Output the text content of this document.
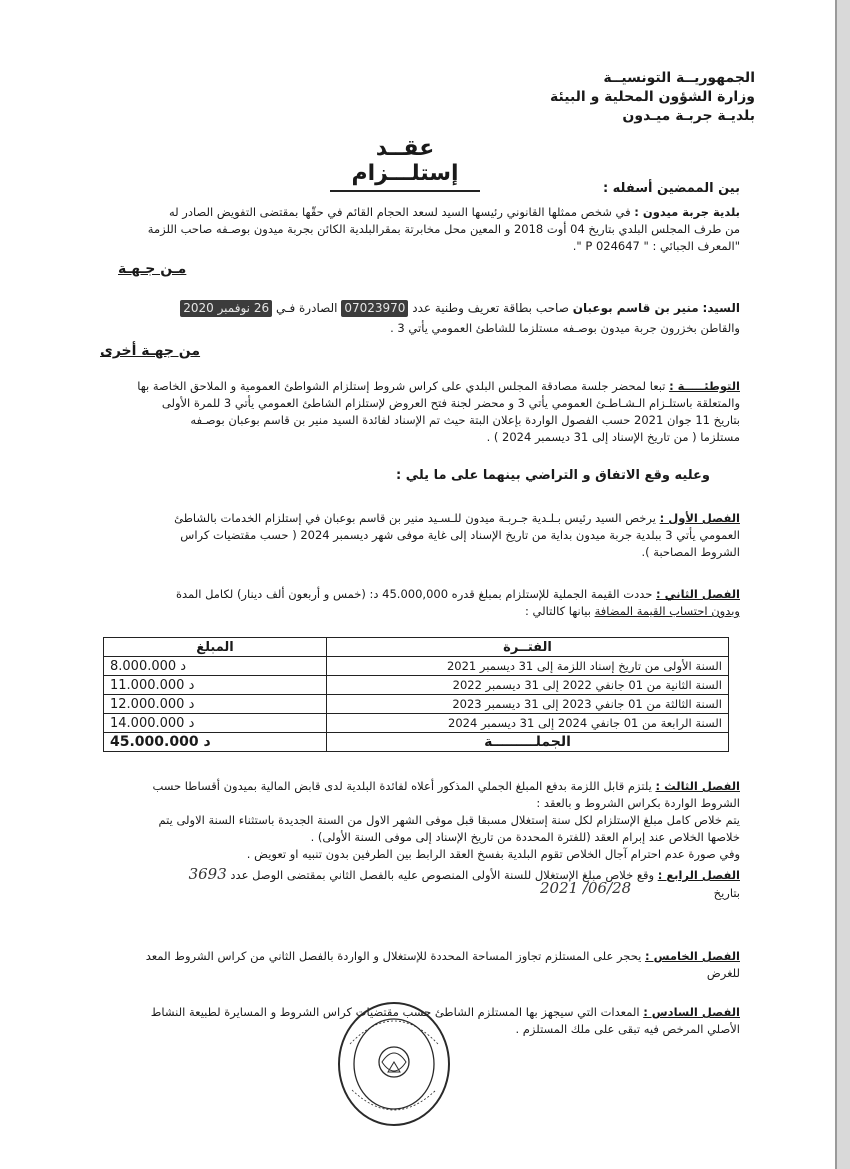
الجمهوريــة التونسيــة
وزارة الشؤون المحلية و البيئة
بلديـة جربـة ميـدون
عقــد إستلـــزام
بين الممضين أسفله :
بلدية جربة ميدون : في شخص ممثلها القانوني رئيسها السيد لسعد الحجام القائم في حقّها بمقتضى التفويض الصادر له
من طرف المجلس البلدي بتاريخ 04 أوت 2018 و المعين محل مخابرتة بمقرالبلدية الكائن بجربة ميدون بوصـفه صاحب اللزمة
"المعرف الجبائي : " 024647 P ".
مـن جـهـة
السيد: منير بن قاسم بوعبان صاحب بطاقة تعريف وطنية عدد 07023970 الصادرة فـي 26 نوفمبر 2020
والقاطن بخزرون جربة ميدون بوصـفه مستلزما للشاطئ العمومي يأتي 3 .
من جهـة أخرى
التوطئـــــة : تبعا لمحضر جلسة مصادقة المجلس البلدي على كراس شروط إستلزام الشواطئ العمومية و الملاحق الخاصة بها
والمتعلقة باستلـزام الـشـاطـئ العمومي يأتي 3 و محضر لجنة فتح العروض لإستلزام الشاطئ العمومي يأتي 3 للمرة الأولى
بتاريخ 11 جوان 2021 حسب الفصول الواردة بإعلان البتة حيث تم الإسناد لفائدة السيد منير بن قاسم بوعبان بوصـفه
مستلزما ( من تاريخ الإسناد إلى 31 ديسمبر 2024 ) .
وعليه وقع الاتفاق و التراضي بينهما على ما يلي :
الفصل الأول : يرخص السيد رئيس بـلـدية جـربـة ميدون للـسـيد منير بن قاسم بوعبان في إستلزام الخدمات بالشاطئ
العمومي يأتي 3 ببلدية جربة ميدون بداية من تاريخ الإسناد إلى غاية موفى شهر ديسمبر 2024 ( حسب مقتضيات كراس
الشروط المصاحبة ).
الفصل الثاني : حددت القيمة الجملية للإستلزام بمبلغ قدره 45.000,000 د: (خمس و أربعون ألف دينار) لكامل المدة
وبدون احتساب القيمة المضافة بيانها كالتالي :
الفتــرة	المبلغ
السنة الأولى من تاريخ إسناد اللزمة إلى 31 ديسمبر 2021	8.000.000 د
السنة الثانية من 01 جانفي 2022 إلى 31 ديسمبر 2022	11.000.000 د
السنة الثالثة من 01 جانفي 2023 إلى 31 ديسمبر 2023	12.000.000 د
السنة الرابعة من 01 جانفي 2024 إلى 31 ديسمبر 2024	14.000.000 د
الجملـــــــــة	45.000.000 د
الفصل الثالث : يلتزم قابل اللزمة بدفع المبلغ الجملي المذكور أعلاه لفائدة البلدية لدى قابض المالية بميدون أقساطا حسب
الشروط الواردة بكراس الشروط و بالعقد :
يتم خلاص كامل مبلغ الإستلزام لكل سنة إستغلال مسبقا قبل موفى الشهر الاول من السنة الجديدة باستثناء السنة الاولى يتم
خلاصها الخلاص عند إبرام العقد (للفترة المحددة من تاريخ الإسناد إلى موفى السنة الأولى) .
وفي صورة عدم احترام آجال الخلاص تقوم البلدية بفسخ العقد الرابط بين الطرفين بدون تنبيه او تعويض .
الفصل الرابع : وقع خلاص مبلغ الإستغلال للسنة الأولى المنصوص عليه بالفصل الثاني بمقتضى الوصل عدد 3693
بتاريخ
2021 /06/28
الفصل الخامس : يحجر على المستلزم تجاوز المساحة المحددة للإستغلال و الواردة بالفصل الثاني من كراس الشروط المعد
للغرض
الفصل السادس : المعدات التي سيجهز بها المستلزم الشاطئ حسب مقتضيات كراس الشروط و المسايرة لطبيعة النشاط
الأصلي المرخص فيه تبقى على ملك المستلزم .
